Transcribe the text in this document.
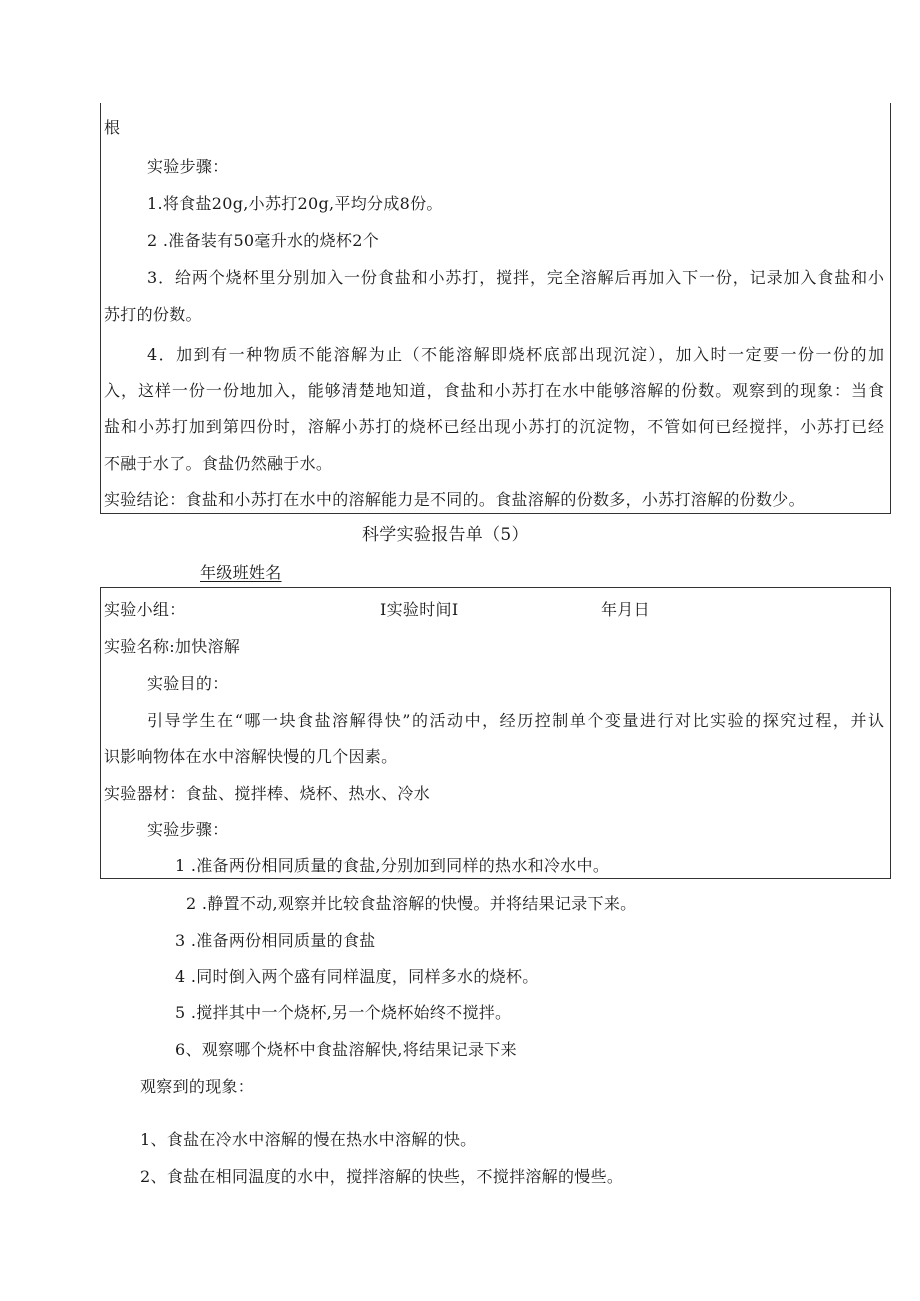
根
实验步骤：
1.将食盐20g,小苏打20g,平均分成8份。
2 .准备装有50毫升水的烧杯2个
3．给两个烧杯里分别加入一份食盐和小苏打，搅拌，完全溶解后再加入下一份，记录加入食盐和小
苏打的份数。
4．加到有一种物质不能溶解为止（不能溶解即烧杯底部出现沉淀），加入时一定要一份一份的加
入，这样一份一份地加入，能够清楚地知道，食盐和小苏打在水中能够溶解的份数。观察到的现象：当食
盐和小苏打加到第四份时，溶解小苏打的烧杯已经出现小苏打的沉淀物，不管如何已经搅拌，小苏打已经
不融于水了。食盐仍然融于水。
实验结论：食盐和小苏打在水中的溶解能力是不同的。食盐溶解的份数多，小苏打溶解的份数少。
科学实验报告单（5）
年级班姓名
实验小组：	I实验时间I	年月日
实验名称:加快溶解
实验目的：
引导学生在“哪一块食盐溶解得快”的活动中，经历控制单个变量进行对比实验的探究过程，并认
识影响物体在水中溶解快慢的几个因素。
实验器材：食盐、搅拌棒、烧杯、热水、冷水
实验步骤：
1 .准备两份相同质量的食盐,分别加到同样的热水和冷水中。
2 .静置不动,观察并比较食盐溶解的快慢。并将结果记录下来。
3 .准备两份相同质量的食盐
4 .同时倒入两个盛有同样温度，同样多水的烧杯。
5 .搅拌其中一个烧杯,另一个烧杯始终不搅拌。
6、观察哪个烧杯中食盐溶解快,将结果记录下来
观察到的现象：
1、食盐在冷水中溶解的慢在热水中溶解的快。
2、食盐在相同温度的水中，搅拌溶解的快些，不搅拌溶解的慢些。
